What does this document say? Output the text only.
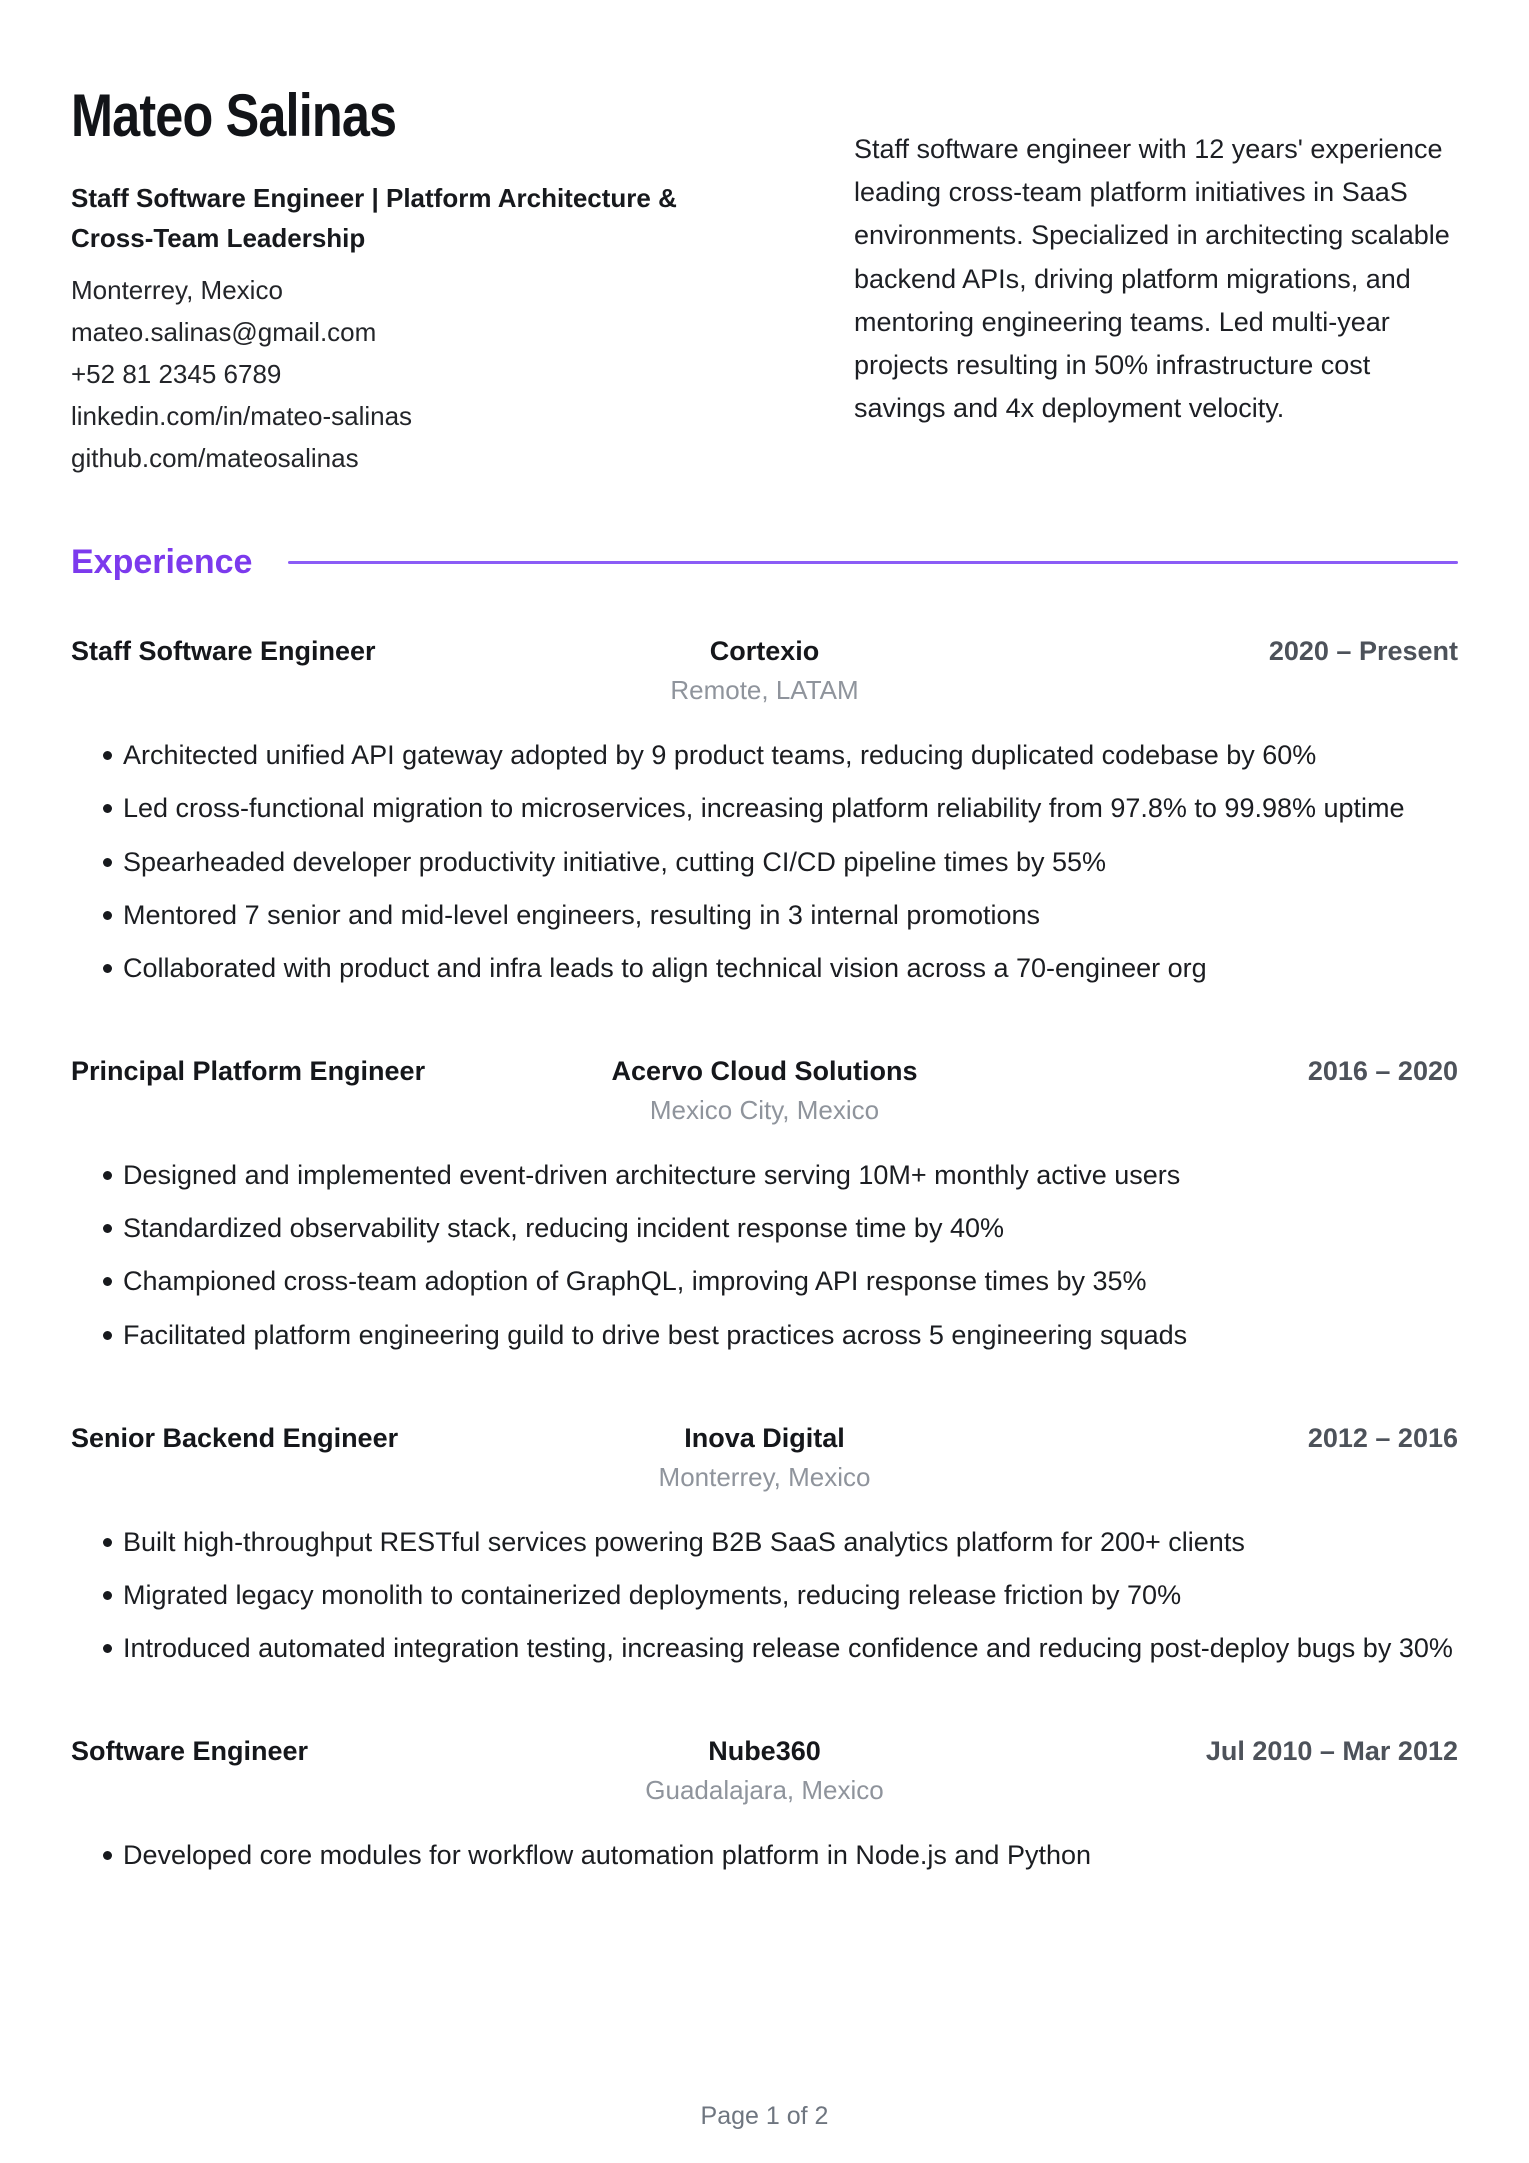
Mateo Salinas
Staff Software Engineer | Platform Architecture & Cross-Team Leadership
Monterrey, Mexico
mateo.salinas@gmail.com
+52 81 2345 6789
linkedin.com/in/mateo-salinas
github.com/mateosalinas

Staff software engineer with 12 years' experience leading cross-team platform initiatives in SaaS environments. Specialized in architecting scalable backend APIs, driving platform migrations, and mentoring engineering teams. Led multi-year projects resulting in 50% infrastructure cost savings and 4x deployment velocity.

Experience
Staff Software Engineer	Cortexio	2020 – Present
Remote, LATAM
Architected unified API gateway adopted by 9 product teams, reducing duplicated codebase by 60%
Led cross-functional migration to microservices, increasing platform reliability from 97.8% to 99.98% uptime
Spearheaded developer productivity initiative, cutting CI/CD pipeline times by 55%
Mentored 7 senior and mid-level engineers, resulting in 3 internal promotions
Collaborated with product and infra leads to align technical vision across a 70-engineer org
Principal Platform Engineer	Acervo Cloud Solutions	2016 – 2020
Mexico City, Mexico
Designed and implemented event-driven architecture serving 10M+ monthly active users
Standardized observability stack, reducing incident response time by 40%
Championed cross-team adoption of GraphQL, improving API response times by 35%
Facilitated platform engineering guild to drive best practices across 5 engineering squads
Senior Backend Engineer	Inova Digital	2012 – 2016
Monterrey, Mexico
Built high-throughput RESTful services powering B2B SaaS analytics platform for 200+ clients
Migrated legacy monolith to containerized deployments, reducing release friction by 70%
Introduced automated integration testing, increasing release confidence and reducing post-deploy bugs by 30%
Software Engineer	Nube360	Jul 2010 – Mar 2012
Guadalajara, Mexico
Developed core modules for workflow automation platform in Node.js and Python
Page 1 of 2
